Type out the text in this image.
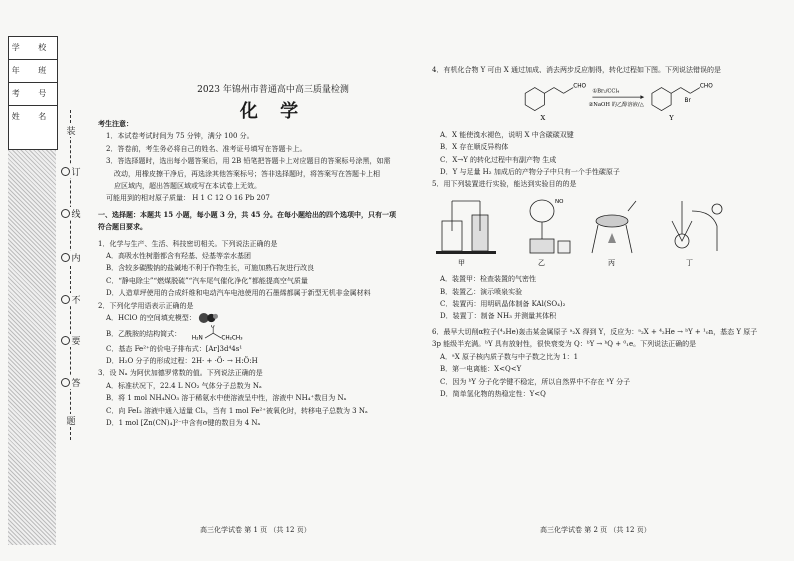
学 校
年 班
考 号
姓 名
装
订
线
内
不
要
答
题
2023 年锦州市普通高中高三质量检测
化 学
考生注意：
1．本试卷考试时间为 75 分钟，满分 100 分。
2．答卷前，考生务必将自己的姓名、准考证号填写在答题卡上。
3．答选择题时，选出每小题答案后，用 2B 铅笔把答题卡上对应题目的答案标号涂黑，如需
改动，用橡皮擦干净后，再选涂其他答案标号；答非选择题时，将答案写在答题卡上相
应区域内，超出答题区域或写在本试卷上无效。
可能用到的相对原子质量： H 1 C 12 O 16 Pb 207
一、选择题：本题共 15 小题，每小题 3 分，共 45 分。在每小题给出的四个选项中，只有一项
符合题目要求。
1．化学与生产、生活、科技密切相关。下列说法正确的是
A．高吸水性树脂都含有羟基、烃基等亲水基团
B．含较多碳酸钠的盐碱地不利于作物生长，可施加熟石灰进行改良
C．“静电除尘”“燃煤脱硫”“汽车尾气催化净化”都能提高空气质量
D．人造草坪使用的合成纤维和电动汽车电池使用的石墨烯都属于新型无机非金属材料
2．下列化学用语表示正确的是
A．HClO 的空间填充模型：
B．乙酰胺的结构简式：
H₂N
O
CH₂CH₃
C．基态 Fe²⁺的价电子排布式：[Ar]3d⁴4s¹
D．H₂O 分子的形成过程：2H· + ·Ö· → H:Ö:H
3．设 Nₐ 为阿伏加德罗常数的值。下列说法正确的是
A．标准状况下，22.4 L NO₂ 气体分子总数为 Nₐ
B．将 1 mol NH₄NO₃ 溶于稀氨水中使溶液呈中性，溶液中 NH₄⁺数目为 Nₐ
C．向 FeI₂ 溶液中通入适量 Cl₂，当有 1 mol Fe²⁺被氧化时，转移电子总数为 3 Nₐ
D．1 mol [Zn(CN)₄]²⁻中含有σ键的数目为 4 Nₐ
4．有机化合物 Y 可由 X 通过加成、消去两步反应制得，转化过程如下图。下列说法错误的是
CHO
X
①Br₂/CCl₄
②NaOH 的乙醇溶液/△
CHO
Br
Y
A．X 能使溴水褪色，说明 X 中含碳碳双键
B．X 存在顺反异构体
C．X→Y 的转化过程中有副产物 生成
D．Y 与足量 H₂ 加成后的产物分子中只有一个手性碳原子
5．用下列装置进行实验，能达到实验目的的是
NO
甲	乙	丙	丁
A．装置甲：检查装置的气密性
B．装置乙：演示喷泉实验
C．装置丙：用明矾晶体制备 KAl(SO₄)₂
D．装置丁：制备 NH₃ 并测量其体积
6．最早大切削α粒子(⁴₂He)轰击某金属原子 ᵃ₂X 得到 Y，反应为：ᵃ₂X + ⁴₂He → ᵇY + ¹₀n，基态 Y 原子
3p 能级半充满。ᵇY 具有放射性，很快衰变为 Q：ᵇY → ᵇQ + ⁰₁e。下列说法正确的是
A．ᵃX 原子核内质子数与中子数之比为 1：1
B．第一电离能：X<Q<Y
C．因为 ᵇY 分子化学键不稳定，所以自然界中不存在 ᵇY 分子
D．简单氢化物的热稳定性：Y<Q
高三化学试卷 第 1 页 （共 12 页）	高三化学试卷 第 2 页 （共 12 页）
